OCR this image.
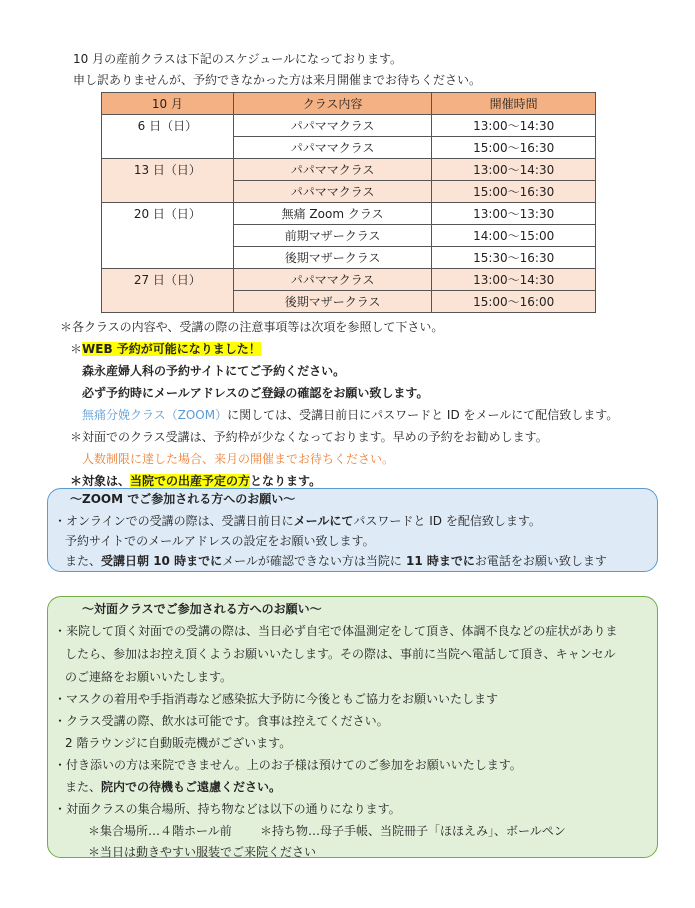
10 月の産前クラスは下記のスケジュールになっております。
申し訳ありませんが、予約できなかった方は来月開催までお待ちください。
10 月	クラス内容	開催時間
6 日（日）	パパママクラス	13:00～14:30
	パパママクラス	15:00～16:30
13 日（日）	パパママクラス	13:00～14:30
	パパママクラス	15:00～16:30
20 日（日）	無痛 Zoom クラス	13:00～13:30
	前期マザークラス	14:00～15:00
	後期マザークラス	15:30～16:30
27 日（日）	パパママクラス	13:00～14:30
	後期マザークラス	15:00～16:00
＊各クラスの内容や、受講の際の注意事項等は次項を参照して下さい。
＊WEB 予約が可能になりました！
森永産婦人科の予約サイトにてご予約ください。
必ず予約時にメールアドレスのご登録の確認をお願い致します。
無痛分娩クラス（ZOOM）に関しては、受講日前日にパスワードと ID をメールにて配信致します。
＊対面でのクラス受講は、予約枠が少なくなっております。早めの予約をお勧めします。
人数制限に達した場合、来月の開催までお待ちください。
＊対象は、当院での出産予定の方となります。
～ZOOM でご参加される方へのお願い～
・オンラインでの受講の際は、受講日前日にメールにてパスワードと ID を配信致します。
予約サイトでのメールアドレスの設定をお願い致します。
また、受講日朝 10 時までにメールが確認できない方は当院に 11 時までにお電話をお願い致します
～対面クラスでご参加される方へのお願い～
・来院して頂く対面での受講の際は、当日必ず自宅で体温測定をして頂き、体調不良などの症状がありま
したら、参加はお控え頂くようお願いいたします。その際は、事前に当院へ電話して頂き、キャンセル
のご連絡をお願いいたします。
・マスクの着用や手指消毒など感染拡大予防に今後ともご協力をお願いいたします
・クラス受講の際、飲水は可能です。食事は控えてください。
2 階ラウンジに自動販売機がございます。
・付き添いの方は来院できません。上のお子様は預けてのご参加をお願いいたします。
また、院内での待機もご遠慮ください。
・対面クラスの集合場所、持ち物などは以下の通りになります。
＊集合場所…４階ホール前 ＊持ち物…母子手帳、当院冊子「ほほえみ」、ボールペン
＊当日は動きやすい服装でご来院ください
